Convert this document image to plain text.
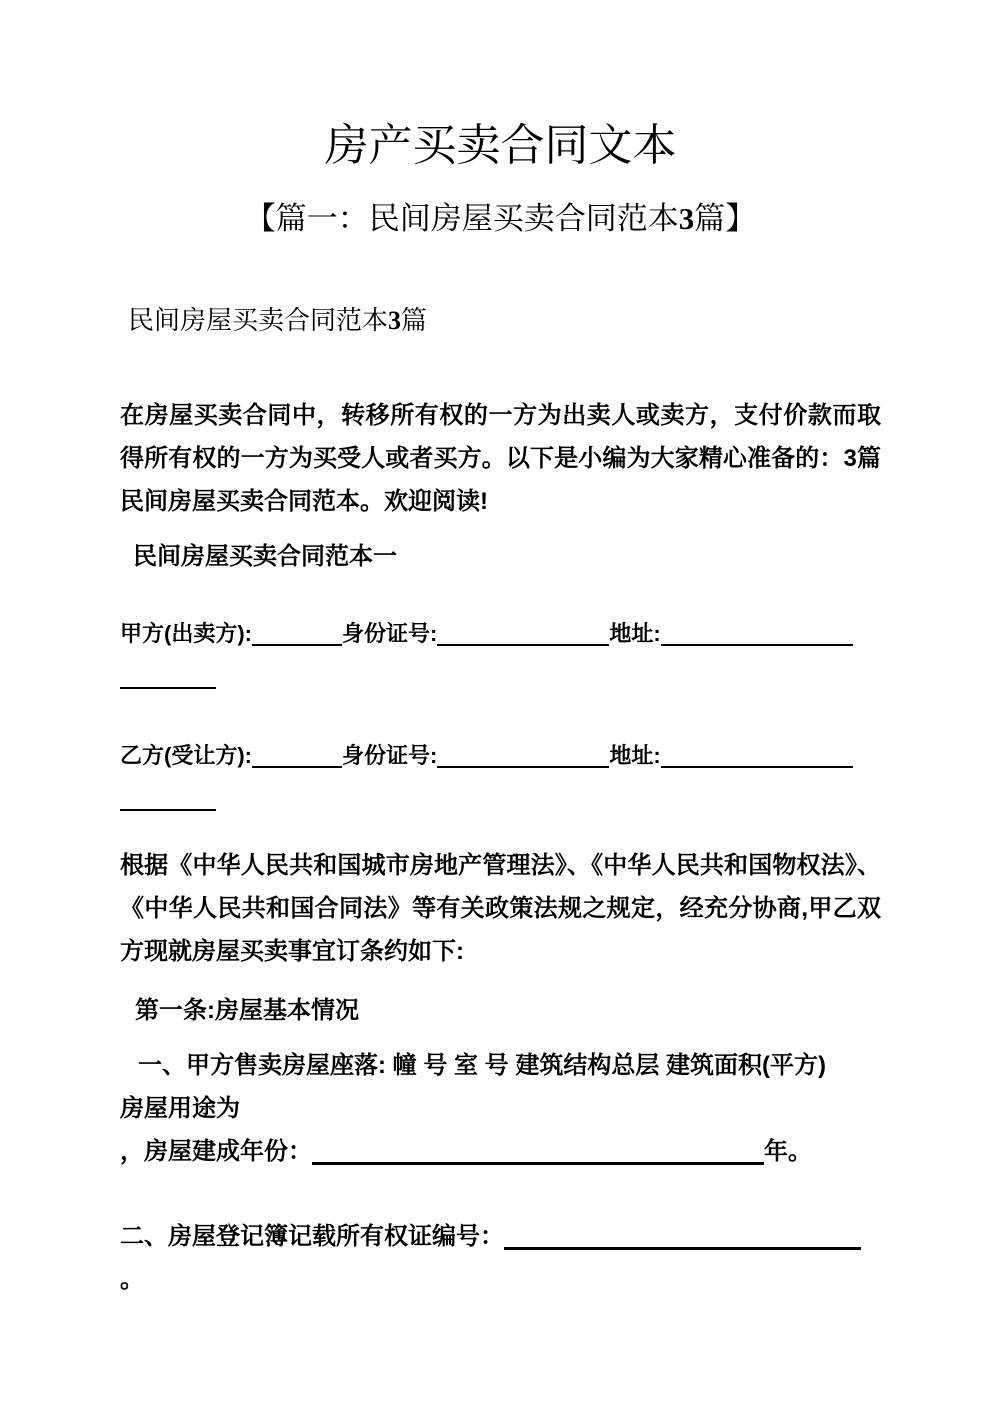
房产买卖合同文本
【篇一：民间房屋买卖合同范本3篇】
民间房屋买卖合同范本3篇

在房屋买卖合同中，转移所有权的一方为出卖人或卖方，支付价款而取得所有权的一方为买受人或者买方。以下是小编为大家精心准备的：3篇民间房屋买卖合同范本。欢迎阅读!

民间房屋买卖合同范本一

甲方(出卖方):	身份证号:	地址:

乙方(受让方):	身份证号:	地址:

根据《中华人民共和国城市房地产管理法》、《中华人民共和国物权法》、《中华人民共和国合同法》等有关政策法规之规定，经充分协商,甲乙双方现就房屋买卖事宜订条约如下:

第一条:房屋基本情况

一、甲方售卖房屋座落: 幢 号 室 号 建筑结构总层 建筑面积(平方)
房屋用途为
，房屋建成年份：	年。

二、房屋登记簿记载所有权证编号：
。
